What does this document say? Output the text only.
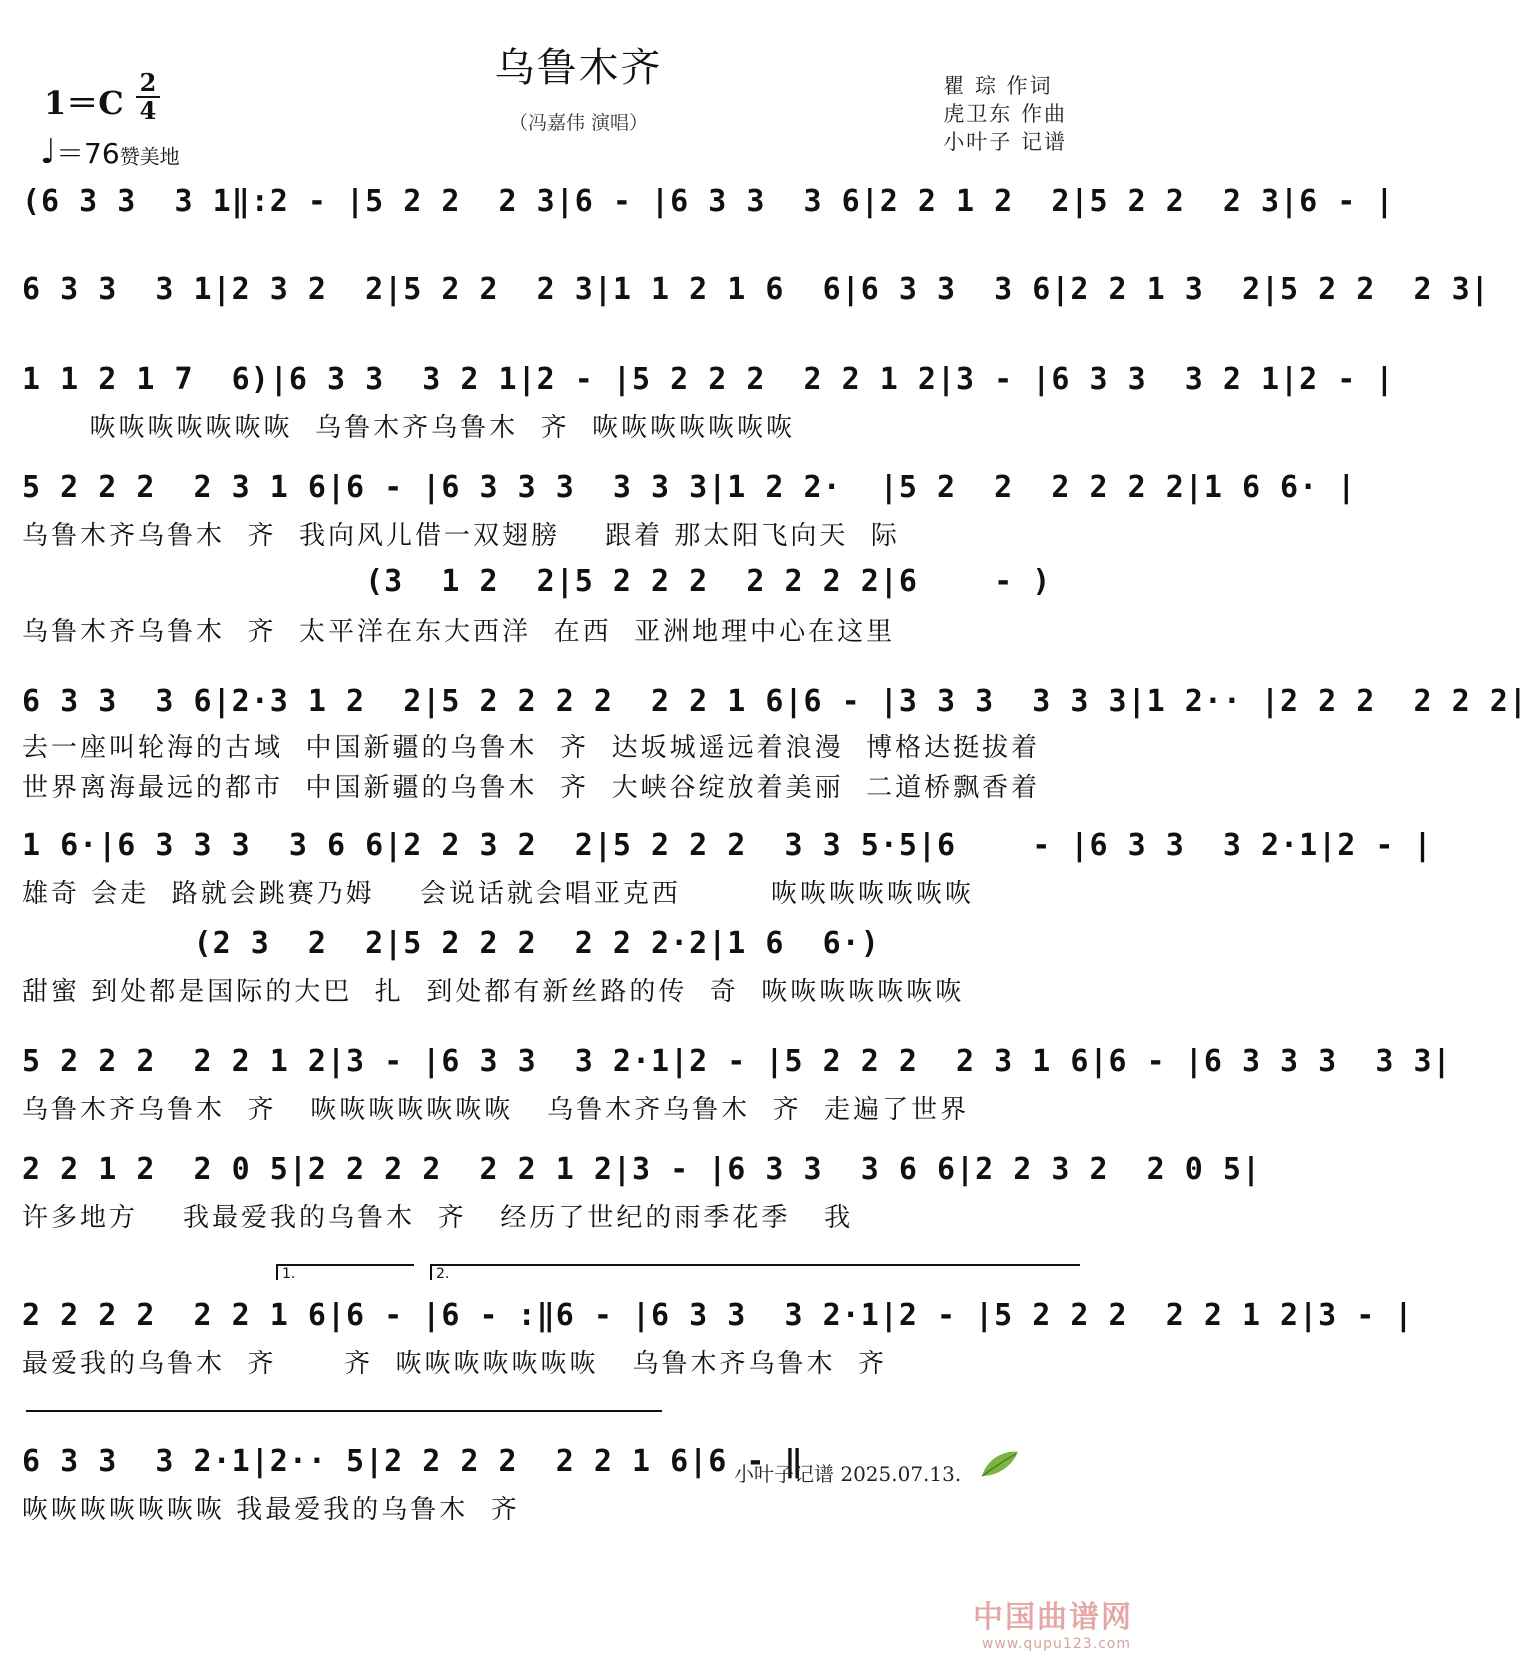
乌鲁木齐
（冯嘉伟 演唱）
$1=C \frac{2}{4}$
♩＝76赞美地
瞿 琮 作词
虎卫东 作曲
小叶子 记谱
(6 3 3  3 1‖:2 - |5 2 2  2 3|6 - |6 3 3  3 6|2 2 1 2  2|5 2 2  2 3|6 - |
6 3 3  3 1|2 3 2  2|5 2 2  2 3|1 1 2 1 6  6|6 3 3  3 6|2 2 1 3  2|5 2 2  2 3|
1 1 2 1 7  6)|6 3 3  3 2 1|2 - |5 2 2 2  2 2 1 2|3 - |6 3 3  3 2 1|2 - |
咴咴咴咴咴咴咴  乌鲁木齐乌鲁木  齐  咴咴咴咴咴咴咴
5 2 2 2  2 3 1 6|6 - |6 3 3 3  3 3 3|1 2 2·  |5 2  2  2 2 2 2|1 6 6· |
乌鲁木齐乌鲁木  齐  我向风儿借一双翅膀    跟着 那太阳飞向天  际
(3  1 2  2|5 2 2 2  2 2 2 2|6    - )
乌鲁木齐乌鲁木  齐  太平洋在东大西洋  在西  亚洲地理中心在这里
6 3 3  3 6|2·3 1 2  2|5 2 2 2 2  2 2 1 6|6 - |3 3 3  3 3 3|1 2·· |2 2 2  2 2 2|
去一座叫轮海的古域  中国新疆的乌鲁木  齐  达坂城遥远着浪漫  博格达挺拔着
世界离海最远的都市  中国新疆的乌鲁木  齐  大峡谷绽放着美丽  二道桥飘香着
1 6·|6 3 3 3  3 6 6|2 2 3 2  2|5 2 2 2  3 3 5·5|6    - |6 3 3  3 2·1|2 - |
雄奇 会走  路就会跳赛乃姆    会说话就会唱亚克西        咴咴咴咴咴咴咴
(2 3  2  2|5 2 2 2  2 2 2·2|1 6  6·)
甜蜜 到处都是国际的大巴  扎  到处都有新丝路的传  奇  咴咴咴咴咴咴咴
5 2 2 2  2 2 1 2|3 - |6 3 3  3 2·1|2 - |5 2 2 2  2 3 1 6|6 - |6 3 3 3  3 3|
乌鲁木齐乌鲁木  齐   咴咴咴咴咴咴咴   乌鲁木齐乌鲁木  齐  走遍了世界
2 2 1 2  2 0 5|2 2 2 2  2 2 1 2|3 - |6 3 3  3 6 6|2 2 3 2  2 0 5|
许多地方    我最爱我的乌鲁木  齐   经历了世纪的雨季花季   我
1.	2.
2 2 2 2  2 2 1 6|6 - |6 - :‖6 - |6 3 3  3 2·1|2 - |5 2 2 2  2 2 1 2|3 - |
最爱我的乌鲁木  齐      齐  咴咴咴咴咴咴咴   乌鲁木齐乌鲁木  齐
6 3 3  3 2·1|2·· 5|2 2 2 2  2 2 1 6|6 - ‖
咴咴咴咴咴咴咴 我最爱我的乌鲁木  齐
小叶子记谱 2025.07.13.
中国曲谱网
www.qupu123.com
